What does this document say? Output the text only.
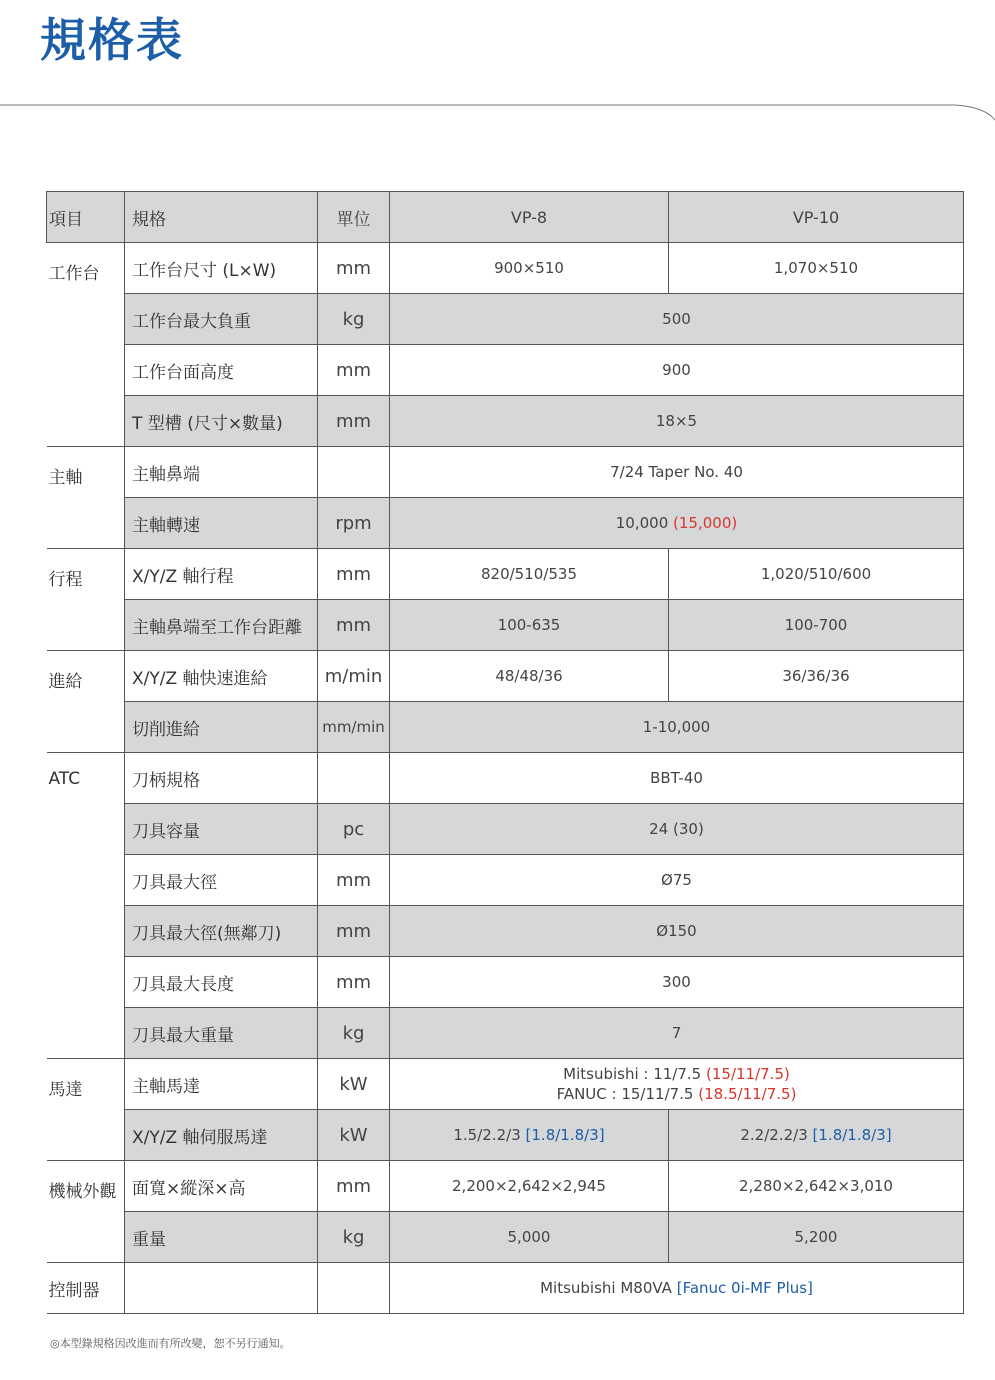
規格表
項目	規格	單位	VP-8	VP-10
工作台	工作台尺寸 (L×W)	mm	900×510	1,070×510
	工作台最大負重	kg	500	
	工作台面高度	mm	900	
	T 型槽 (尺寸×數量)	mm	18×5	
主軸	主軸鼻端		7/24 Taper No. 40	
	主軸轉速	rpm	10,000 (15,000)	
行程	X/Y/Z 軸行程	mm	820/510/535	1,020/510/600
	主軸鼻端至工作台距離	mm	100-635	100-700
進給	X/Y/Z 軸快速進給	m/min	48/48/36	36/36/36
	切削進給	mm/min	1-10,000	
ATC	刀柄規格		BBT-40	
	刀具容量	pc	24 (30)	
	刀具最大徑	mm	Ø75	
	刀具最大徑(無鄰刀)	mm	Ø150	
	刀具最大長度	mm	300	
	刀具最大重量	kg	7	
馬達	主軸馬達	kW	Mitsubishi : 11/7.5 (15/11/7.5)
FANUC : 15/11/7.5 (18.5/11/7.5)	

	X/Y/Z 軸伺服馬達	kW	1.5/2.2/3 [1.8/1.8/3]	2.2/2.2/3 [1.8/1.8/3]
機械外觀	面寬×縱深×高	mm	2,200×2,642×2,945	2,280×2,642×3,010
	重量	kg	5,000	5,200
控制器			Mitsubishi M80VA [Fanuc 0i-MF Plus]	
◎本型錄規格因改進而有所改變，恕不另行通知。
